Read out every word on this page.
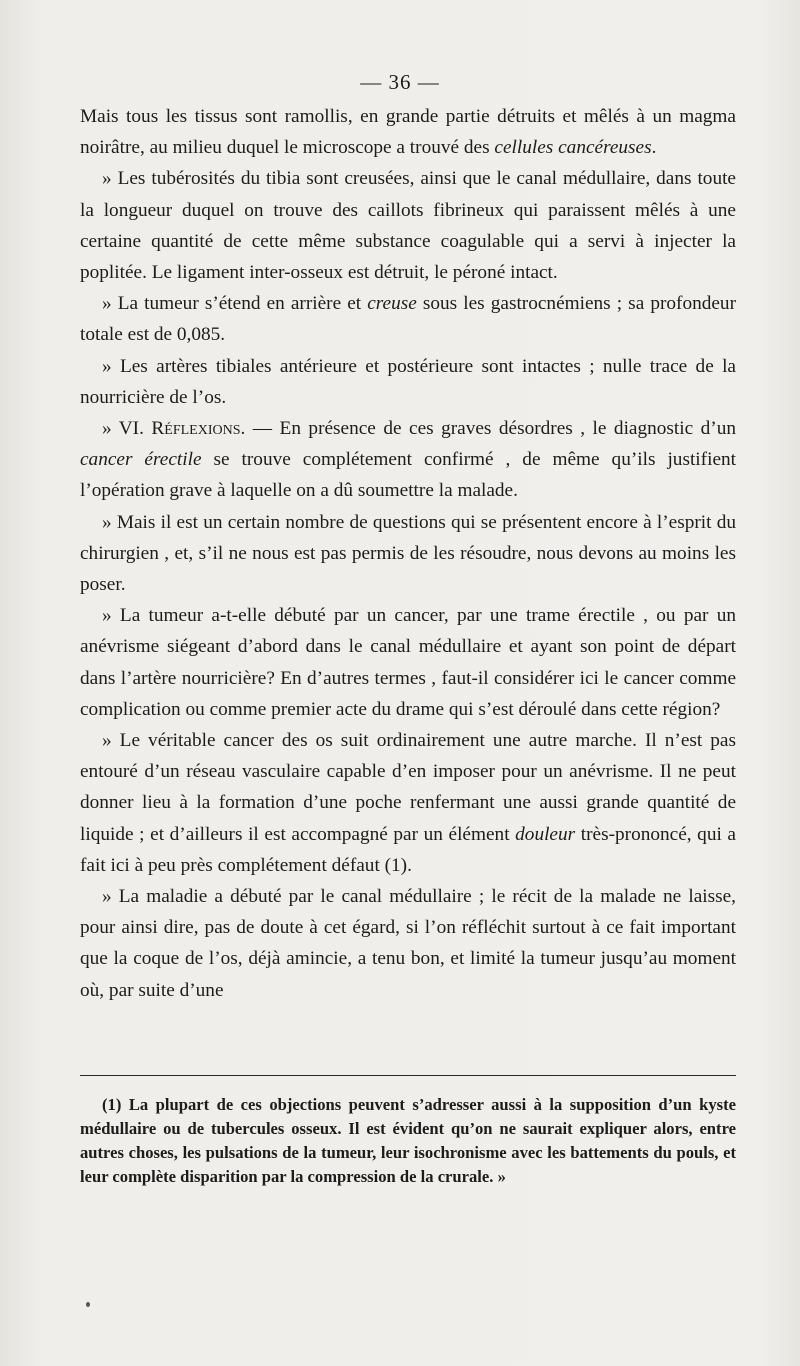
— 36 —

Mais tous les tissus sont ramollis, en grande partie détruits et mêlés à un magma noirâtre, au milieu duquel le microscope a trouvé des cellules cancéreuses.

» Les tubérosités du tibia sont creusées, ainsi que le canal médullaire, dans toute la longueur duquel on trouve des caillots fibrineux qui paraissent mêlés à une certaine quantité de cette même substance coagulable qui a servi à injecter la poplitée. Le ligament inter-osseux est détruit, le péroné intact.

» La tumeur s’étend en arrière et creuse sous les gastrocnémiens ; sa profondeur totale est de 0,085.

» Les artères tibiales antérieure et postérieure sont intactes ; nulle trace de la nourricière de l’os.

» VI. Réflexions. — En présence de ces graves désordres , le diagnostic d’un cancer érectile se trouve complétement confirmé , de même qu’ils justifient l’opération grave à laquelle on a dû soumettre la malade.

» Mais il est un certain nombre de questions qui se présentent encore à l’esprit du chirurgien , et, s’il ne nous est pas permis de les résoudre, nous devons au moins les poser.

» La tumeur a-t-elle débuté par un cancer, par une trame érectile , ou par un anévrisme siégeant d’abord dans le canal médullaire et ayant son point de départ dans l’artère nourricière? En d’autres termes , faut-il considérer ici le cancer comme complication ou comme premier acte du drame qui s’est déroulé dans cette région?

» Le véritable cancer des os suit ordinairement une autre marche. Il n’est pas entouré d’un réseau vasculaire capable d’en imposer pour un anévrisme. Il ne peut donner lieu à la formation d’une poche renfermant une aussi grande quantité de liquide ; et d’ailleurs il est accompagné par un élément douleur très-prononcé, qui a fait ici à peu près complétement défaut (1).

» La maladie a débuté par le canal médullaire ; le récit de la malade ne laisse, pour ainsi dire, pas de doute à cet égard, si l’on réfléchit surtout à ce fait important que la coque de l’os, déjà amincie, a tenu bon, et limité la tumeur jusqu’au moment où, par suite d’une

(1) La plupart de ces objections peuvent s’adresser aussi à la supposition d’un kyste médullaire ou de tubercules osseux. Il est évident qu’on ne saurait expliquer alors, entre autres choses, les pulsations de la tumeur, leur isochronisme avec les battements du pouls, et leur complète disparition par la compression de la crurale. »
